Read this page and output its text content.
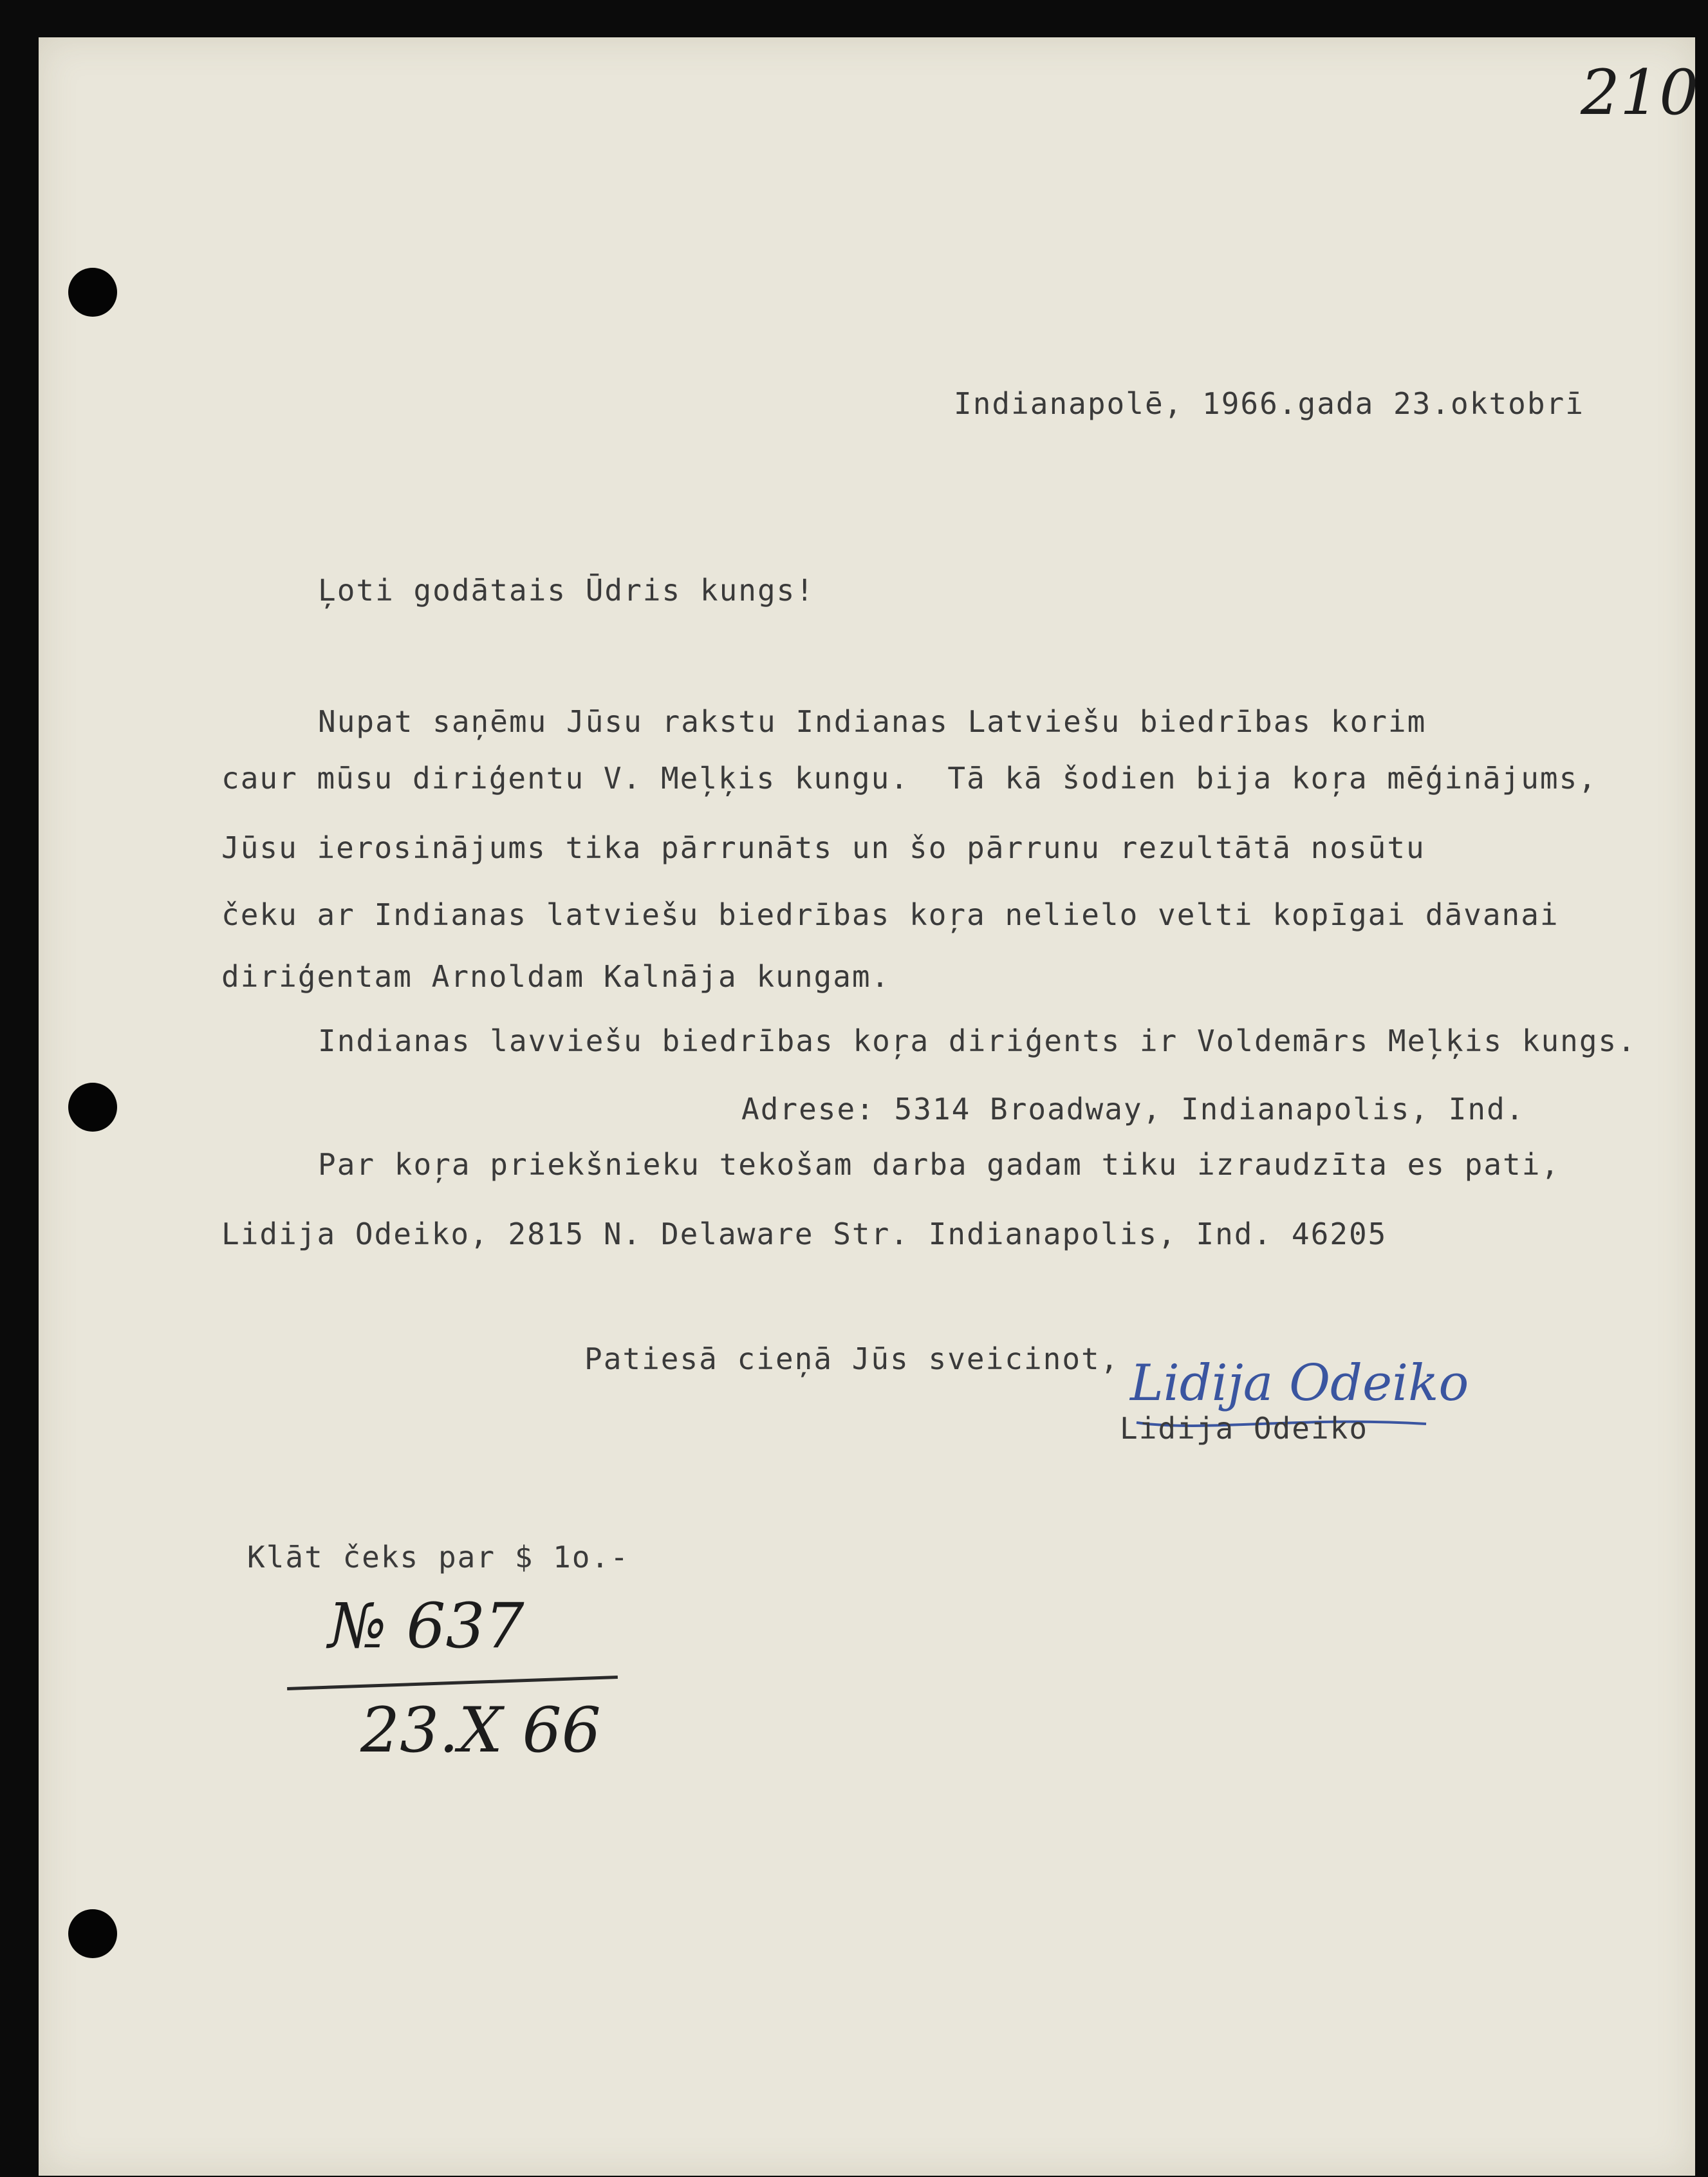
210
Indianapolē, 1966.gada 23.oktobrī
Ļoti godātais Ūdris kungs!
Nupat saņēmu Jūsu rakstu Indianas Latviešu biedrības korim
caur mūsu diriģentu V. Meļķis kungu.  Tā kā šodien bija koŗa mēģinājums,
Jūsu ierosinājums tika pārrunāts un šo pārrunu rezultātā nosūtu
čeku ar Indianas latviešu biedrības koŗa nelielo velti kopīgai dāvanai
diriģentam Arnoldam Kalnāja kungam.
Indianas lavviešu biedrības koŗa diriģents ir Voldemārs Meļķis kungs.
Adrese: 5314 Broadway, Indianapolis, Ind.
Par koŗa priekšnieku tekošam darba gadam tiku izraudzīta es pati,
Lidija Odeiko, 2815 N. Delaware Str. Indianapolis, Ind. 46205
Patiesā cieņā Jūs sveicinot, Lidija Odeiko
Lidija Odeiko
Klāt čeks par $ 1o.-
№ 637
23.X 66
